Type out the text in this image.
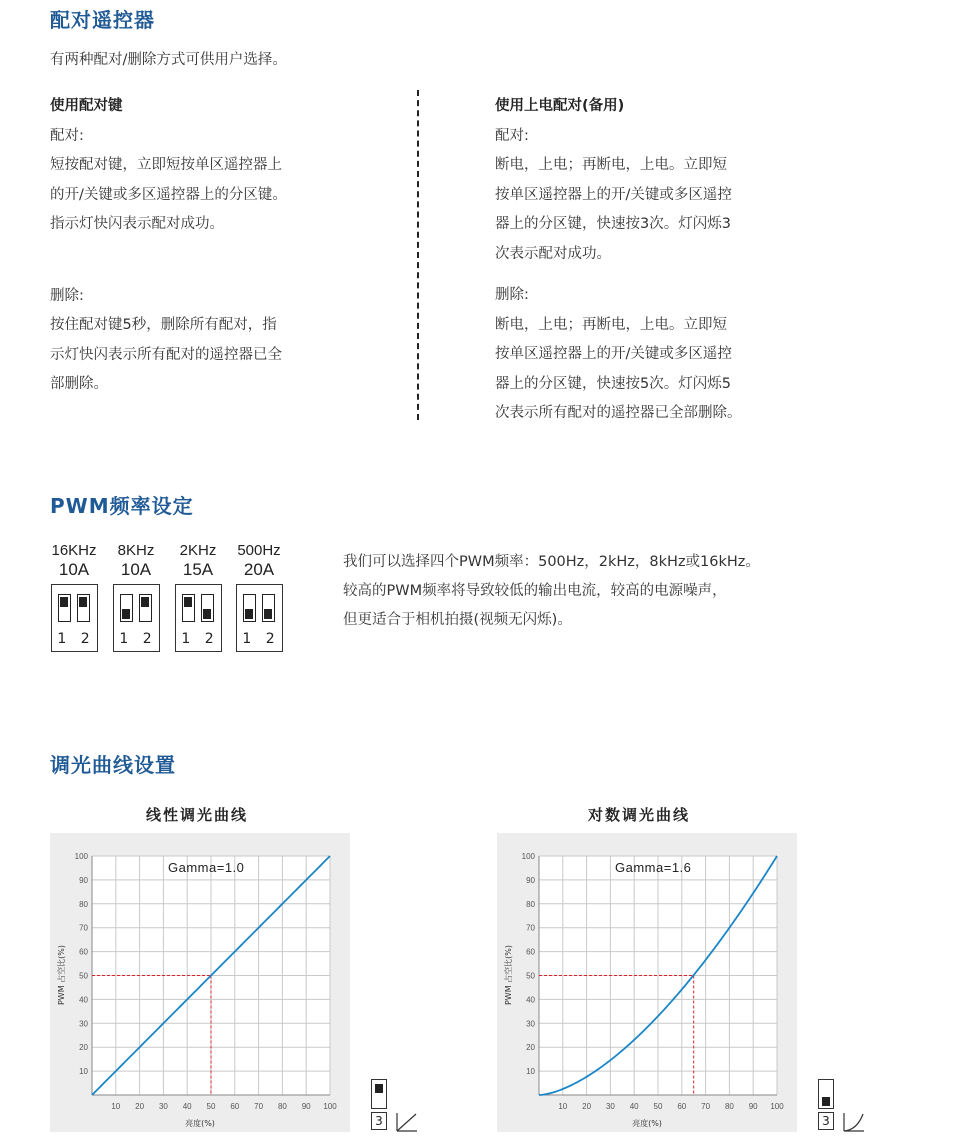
配对遥控器
有两种配对/删除方式可供用户选择。
使用配对键
配对:
短按配对键，立即短按单区遥控器上
的开/关键或多区遥控器上的分区键。
指示灯快闪表示配对成功。
删除:
按住配对键5秒，删除所有配对，指
示灯快闪表示所有配对的遥控器已全
部删除。
使用上电配对(备用)
配对:
断电，上电；再断电，上电。立即短
按单区遥控器上的开/关键或多区遥控
器上的分区键，快速按3次。灯闪烁3
次表示配对成功。
删除:
断电，上电；再断电，上电。立即短
按单区遥控器上的开/关键或多区遥控
器上的分区键，快速按5次。灯闪烁5
次表示所有配对的遥控器已全部删除。
PWM频率设定
16KHz
10A
1 2
8KHz
10A
1 2
2KHz
15A
1 2
500Hz
20A
1 2
我们可以选择四个PWM频率：500Hz，2kHz，8kHz或16kHz。
较高的PWM频率将导致较低的输出电流，较高的电源噪声，
但更适合于相机拍摄(视频无闪烁)。
调光曲线设置
线性调光曲线	对数调光曲线
10 20 30 40 50 60 70 80 90 100
10
20
30
40
50
60
70
80
90
100
亮度(%)
PWM 占空比(%)
Gamma=1.0
10 20 30 40 50 60 70 80 90 100
10
20
30
40
50
60
70
80
90
100
亮度(%)
PWM 占空比(%)
Gamma=1.6
3	3
